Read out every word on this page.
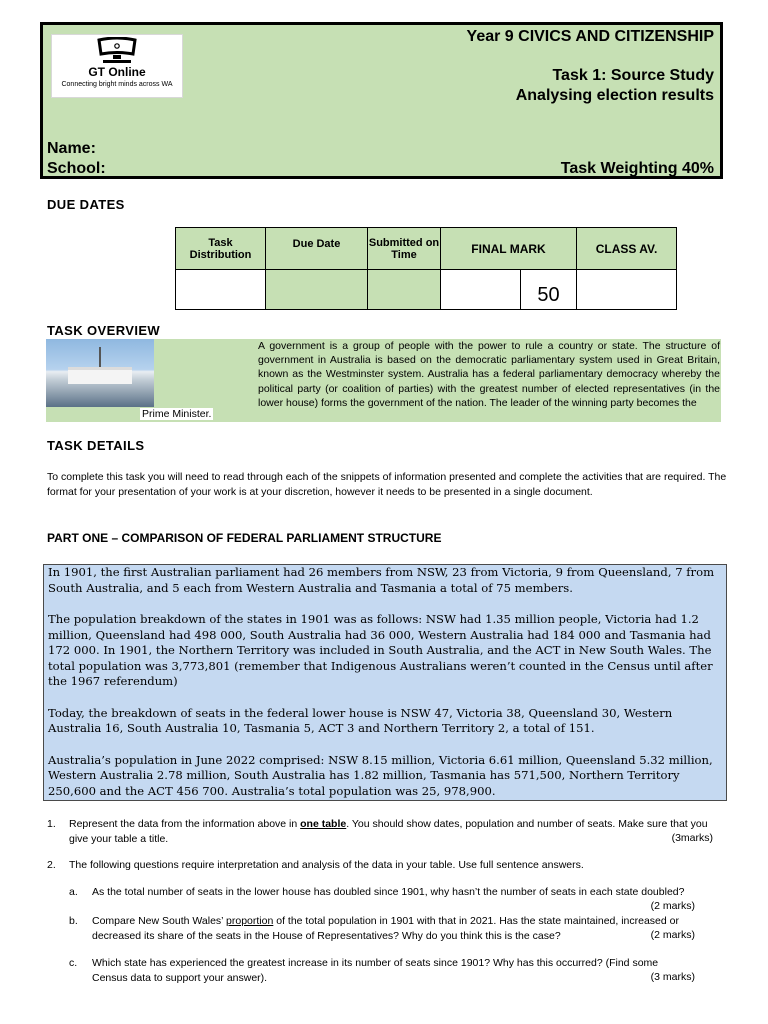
GT Online
Connecting bright minds across WA
Year 9 CIVICS AND CITIZENSHIP
Task 1: Source Study
Analysing election results
Name:
School:	Task Weighting 40%
DUE DATES
Task Distribution	Due Date	Submitted on Time	FINAL MARK		CLASS AV.
				50	
TASK OVERVIEW
A government is a group of people with the power to rule a country or state. The structure of government in Australia is based on the democratic parliamentary system used in Great Britain, known as the Westminster system. Australia has a federal parliamentary democracy whereby the political party (or coalition of parties) with the greatest number of elected representatives (in the lower house) forms the government of the nation. The leader of the winning party becomes the
Prime Minister.
TASK DETAILS
To complete this task you will need to read through each of the snippets of information presented and complete the activities that are required. The format for your presentation of your work is at your discretion, however it needs to be presented in a single document.
PART ONE – COMPARISON OF FEDERAL PARLIAMENT STRUCTURE

In 1901, the first Australian parliament had 26 members from NSW, 23 from Victoria, 9 from Queensland, 7 from South Australia, and 5 each from Western Australia and Tasmania a total of 75 members.

The population breakdown of the states in 1901 was as follows: NSW had 1.35 million people, Victoria had 1.2 million, Queensland had 498 000, South Australia had 36 000, Western Australia had 184 000 and Tasmania had 172 000. In 1901, the Northern Territory was included in South Australia, and the ACT in New South Wales. The total population was 3,773,801 (remember that Indigenous Australians weren’t counted in the Census until after the 1967 referendum)

Today, the breakdown of seats in the federal lower house is NSW 47, Victoria 38, Queensland 30, Western Australia 16, South Australia 10, Tasmania 5, ACT 3 and Northern Territory 2, a total of 151.

Australia’s population in June 2022 comprised: NSW 8.15 million, Victoria 6.61 million, Queensland 5.32 million, Western Australia 2.78 million, South Australia has 1.82 million, Tasmania has 571,500, Northern Territory 250,600 and the ACT 456 700. Australia’s total population was 25, 978,900.

1. Represent the data from the information above in one table. You should show dates, population and number of seats. Make sure that you give your table a title.	(3marks)
2. The following questions require interpretation and analysis of the data in your table. Use full sentence answers.
a. As the total number of seats in the lower house has doubled since 1901, why hasn’t the number of seats in each state doubled?
(2 marks)
b. Compare New South Wales’ proportion of the total population in 1901 with that in 2021. Has the state maintained, increased or decreased its share of the seats in the House of Representatives? Why do you think this is the case?	(2 marks)
c. Which state has experienced the greatest increase in its number of seats since 1901? Why has this occurred? (Find some Census data to support your answer).	(3 marks)
